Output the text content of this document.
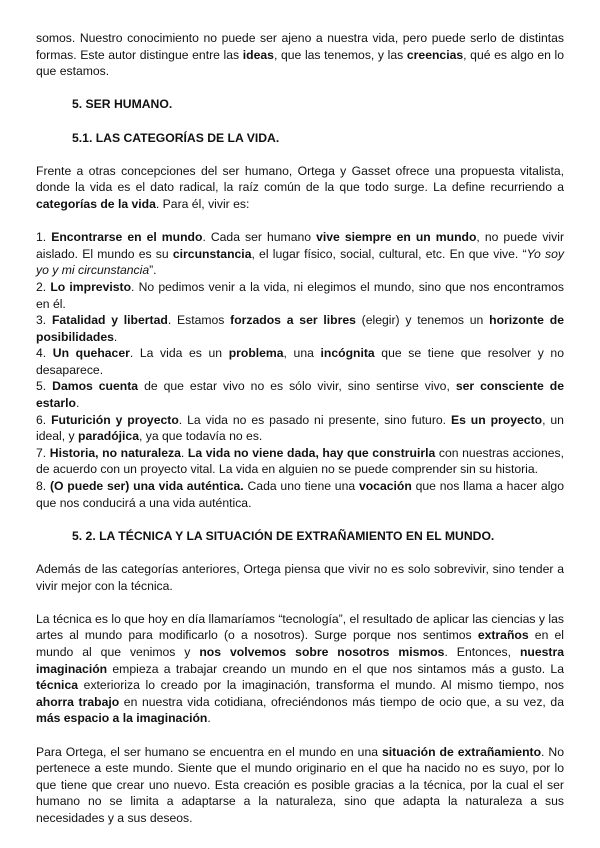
somos. Nuestro conocimiento no puede ser ajeno a nuestra vida, pero puede serlo de distintas formas. Este autor distingue entre las ideas, que las tenemos, y las creencias, qué es algo en lo que estamos.

5. SER HUMANO.

5.1. LAS CATEGORÍAS DE LA VIDA.

Frente a otras concepciones del ser humano, Ortega y Gasset ofrece una propuesta vitalista, donde la vida es el dato radical, la raíz común de la que todo surge. La define recurriendo a categorías de la vida. Para él, vivir es:

1. Encontrarse en el mundo. Cada ser humano vive siempre en un mundo, no puede vivir aislado. El mundo es su circunstancia, el lugar físico, social, cultural, etc. En que vive. “Yo soy yo y mi circunstancia”.

2. Lo imprevisto. No pedimos venir a la vida, ni elegimos el mundo, sino que nos encontramos en él.

3. Fatalidad y libertad. Estamos forzados a ser libres (elegir) y tenemos un horizonte de posibilidades.

4. Un quehacer. La vida es un problema, una incógnita que se tiene que resolver y no desaparece.

5. Damos cuenta de que estar vivo no es sólo vivir, sino sentirse vivo, ser consciente de estarlo.

6. Futurición y proyecto. La vida no es pasado ni presente, sino futuro. Es un proyecto, un ideal, y paradójica, ya que todavía no es.

7. Historia, no naturaleza. La vida no viene dada, hay que construirla con nuestras acciones, de acuerdo con un proyecto vital. La vida en alguien no se puede comprender sin su historia.

8. (O puede ser) una vida auténtica. Cada uno tiene una vocación que nos llama a hacer algo que nos conducirá a una vida auténtica.

5. 2. LA TÉCNICA Y LA SITUACIÓN DE EXTRAÑAMIENTO EN EL MUNDO.

Además de las categorías anteriores, Ortega piensa que vivir no es solo sobrevivir, sino tender a vivir mejor con la técnica.

La técnica es lo que hoy en día llamaríamos “tecnología”, el resultado de aplicar las ciencias y las artes al mundo para modificarlo (o a nosotros). Surge porque nos sentimos extraños en el mundo al que venimos y nos volvemos sobre nosotros mismos. Entonces, nuestra imaginación empieza a trabajar creando un mundo en el que nos sintamos más a gusto. La técnica exterioriza lo creado por la imaginación, transforma el mundo. Al mismo tiempo, nos ahorra trabajo en nuestra vida cotidiana, ofreciéndonos más tiempo de ocio que, a su vez, da más espacio a la imaginación.

Para Ortega, el ser humano se encuentra en el mundo en una situación de extrañamiento. No pertenece a este mundo. Siente que el mundo originario en el que ha nacido no es suyo, por lo que tiene que crear uno nuevo. Esta creación es posible gracias a la técnica, por la cual el ser humano no se limita a adaptarse a la naturaleza, sino que adapta la naturaleza a sus necesidades y a sus deseos.
